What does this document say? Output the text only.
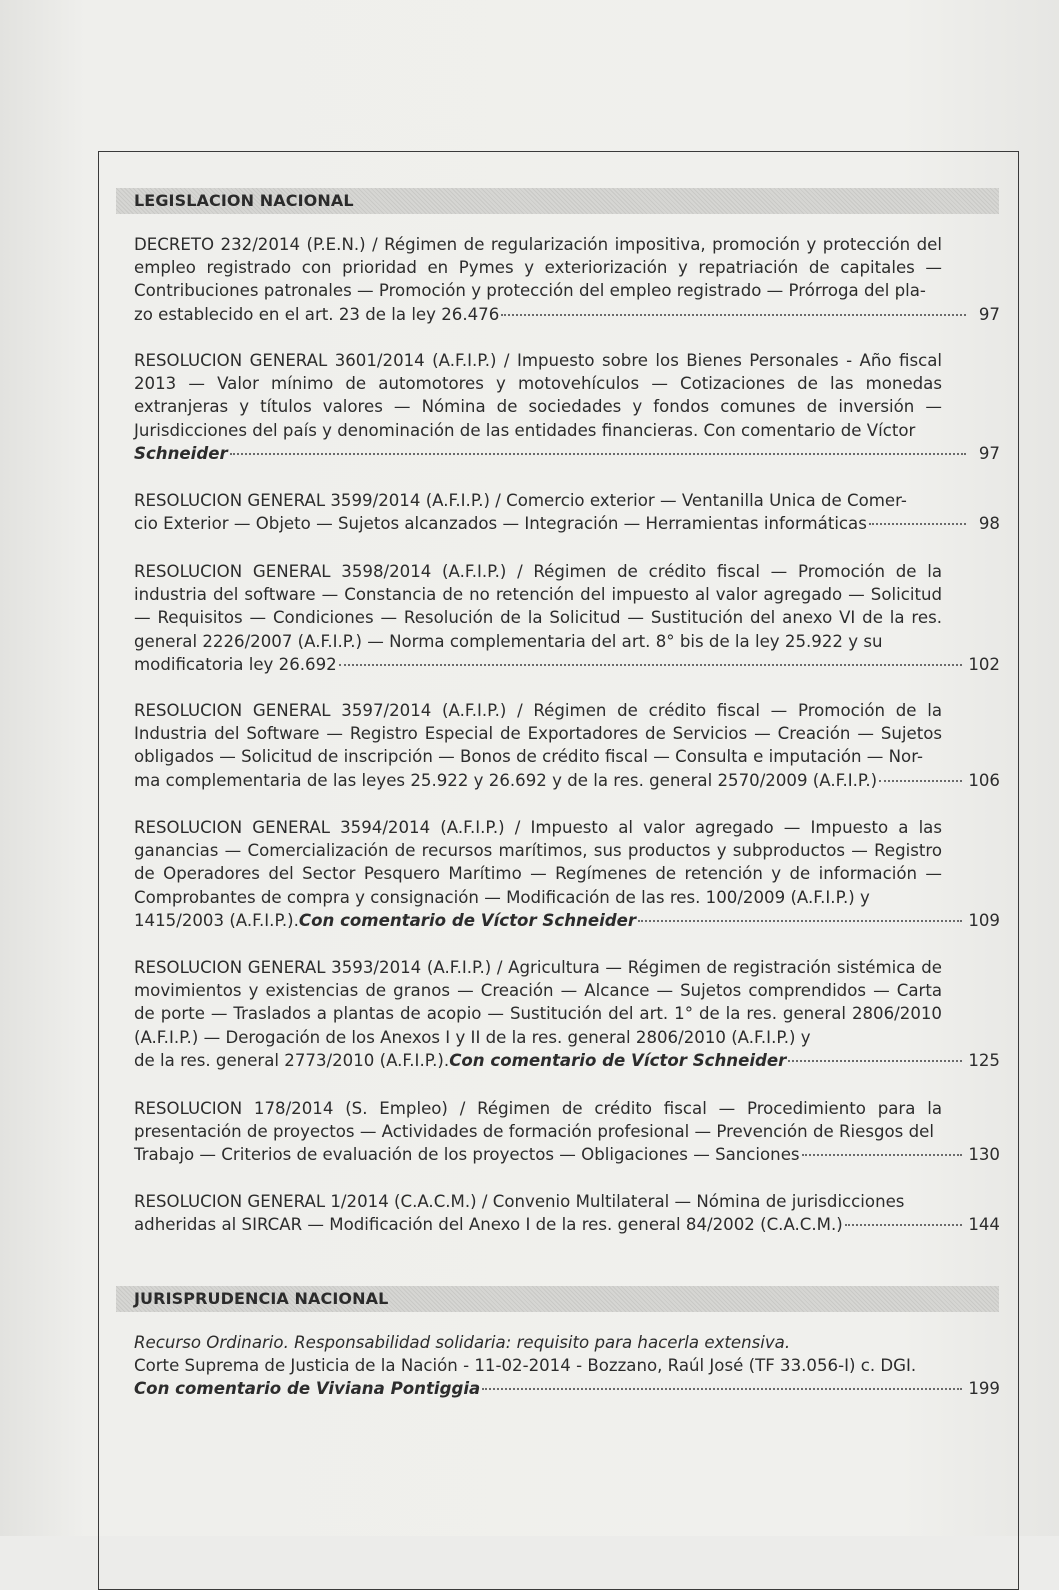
LEGISLACION NACIONAL
DECRETO 232/2014 (P.E.N.) / Régimen de regularización impositiva, promoción y protección del empleo registrado con prioridad en Pymes y exteriorización y repatriación de capitales — Contribuciones patronales — Promoción y protección del empleo registrado — Prórroga del pla-
zo establecido en el art. 23 de la ley 26.476	97
RESOLUCION GENERAL 3601/2014 (A.F.I.P.) / Impuesto sobre los Bienes Personales - Año fiscal 2013 — Valor mínimo de automotores y motovehículos — Cotizaciones de las monedas extranjeras y títulos valores — Nómina de sociedades y fondos comunes de inversión — Jurisdicciones del país y denominación de las entidades financieras. Con comentario de Víctor
Schneider	97
RESOLUCION GENERAL 3599/2014 (A.F.I.P.) / Comercio exterior — Ventanilla Unica de Comer-
cio Exterior — Objeto — Sujetos alcanzados — Integración — Herramientas informáticas	98
RESOLUCION GENERAL 3598/2014 (A.F.I.P.) / Régimen de crédito fiscal — Promoción de la industria del software — Constancia de no retención del impuesto al valor agregado — Solicitud — Requisitos — Condiciones — Resolución de la Solicitud — Sustitución del anexo VI de la res. general 2226/2007 (A.F.I.P.) — Norma complementaria del art. 8° bis de la ley 25.922 y su
modificatoria ley 26.692	102
RESOLUCION GENERAL 3597/2014 (A.F.I.P.) / Régimen de crédito fiscal — Promoción de la Industria del Software — Registro Especial de Exportadores de Servicios — Creación — Sujetos obligados — Solicitud de inscripción — Bonos de crédito fiscal — Consulta e imputación — Nor-
ma complementaria de las leyes 25.922 y 26.692 y de la res. general 2570/2009 (A.F.I.P.)	106
RESOLUCION GENERAL 3594/2014 (A.F.I.P.) / Impuesto al valor agregado — Impuesto a las ganancias — Comercialización de recursos marítimos, sus productos y subproductos — Registro de Operadores del Sector Pesquero Marítimo — Regímenes de retención y de información — Comprobantes de compra y consignación — Modificación de las res. 100/2009 (A.F.I.P.) y
1415/2003 (A.F.I.P.). Con comentario de Víctor Schneider	109
RESOLUCION GENERAL 3593/2014 (A.F.I.P.) / Agricultura — Régimen de registración sistémica de movimientos y existencias de granos — Creación — Alcance — Sujetos comprendidos — Carta de porte — Traslados a plantas de acopio — Sustitución del art. 1° de la res. general 2806/2010 (A.F.I.P.) — Derogación de los Anexos I y II de la res. general 2806/2010 (A.F.I.P.) y
de la res. general 2773/2010 (A.F.I.P.). Con comentario de Víctor Schneider	125
RESOLUCION 178/2014 (S. Empleo) / Régimen de crédito fiscal — Procedimiento para la presentación de proyectos — Actividades de formación profesional — Prevención de Riesgos del
Trabajo — Criterios de evaluación de los proyectos — Obligaciones — Sanciones	130
RESOLUCION GENERAL 1/2014 (C.A.C.M.) / Convenio Multilateral — Nómina de jurisdicciones
adheridas al SIRCAR — Modificación del Anexo I de la res. general 84/2002 (C.A.C.M.)	144
JURISPRUDENCIA NACIONAL
Recurso Ordinario. Responsabilidad solidaria: requisito para hacerla extensiva.
Corte Suprema de Justicia de la Nación - 11-02-2014 - Bozzano, Raúl José (TF 33.056-I) c. DGI.
Con comentario de Viviana Pontiggia	199
